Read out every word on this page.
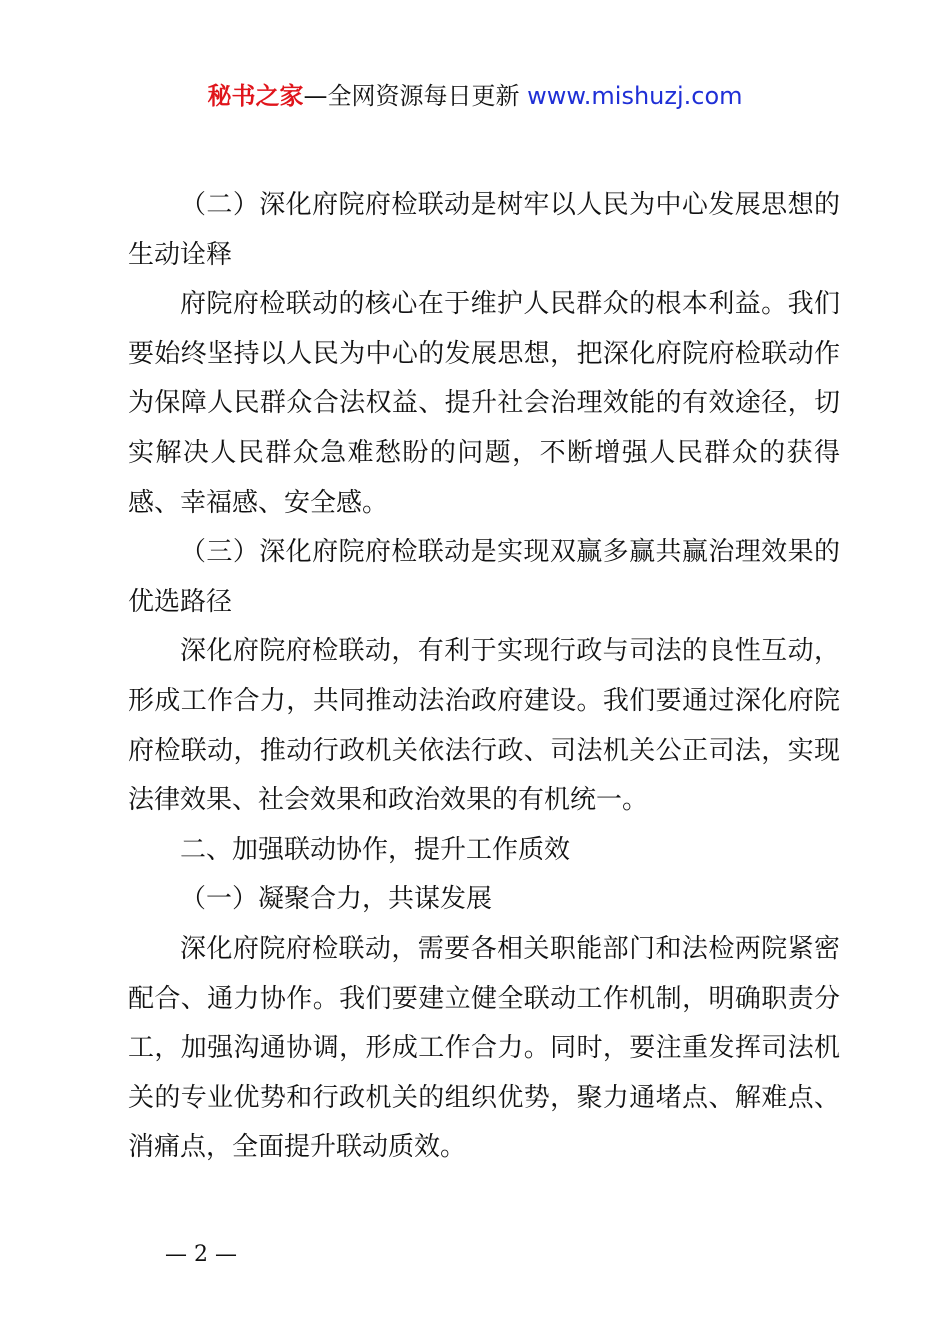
秘书之家—全网资源每日更新 www.mishuzj.com

（二）深化府院府检联动是树牢以人民为中心发展思想的生动诠释

府院府检联动的核心在于维护人民群众的根本利益。我们要始终坚持以人民为中心的发展思想，把深化府院府检联动作为保障人民群众合法权益、提升社会治理效能的有效途径，切实解决人民群众急难愁盼的问题，不断增强人民群众的获得感、幸福感、安全感。

（三）深化府院府检联动是实现双赢多赢共赢治理效果的优选路径

深化府院府检联动，有利于实现行政与司法的良性互动，形成工作合力，共同推动法治政府建设。我们要通过深化府院府检联动，推动行政机关依法行政、司法机关公正司法，实现法律效果、社会效果和政治效果的有机统一。

二、加强联动协作，提升工作质效

（一）凝聚合力，共谋发展

深化府院府检联动，需要各相关职能部门和法检两院紧密配合、通力协作。我们要建立健全联动工作机制，明确职责分工，加强沟通协调，形成工作合力。同时，要注重发挥司法机关的专业优势和行政机关的组织优势，聚力通堵点、解难点、消痛点，全面提升联动质效。

— 2 —
